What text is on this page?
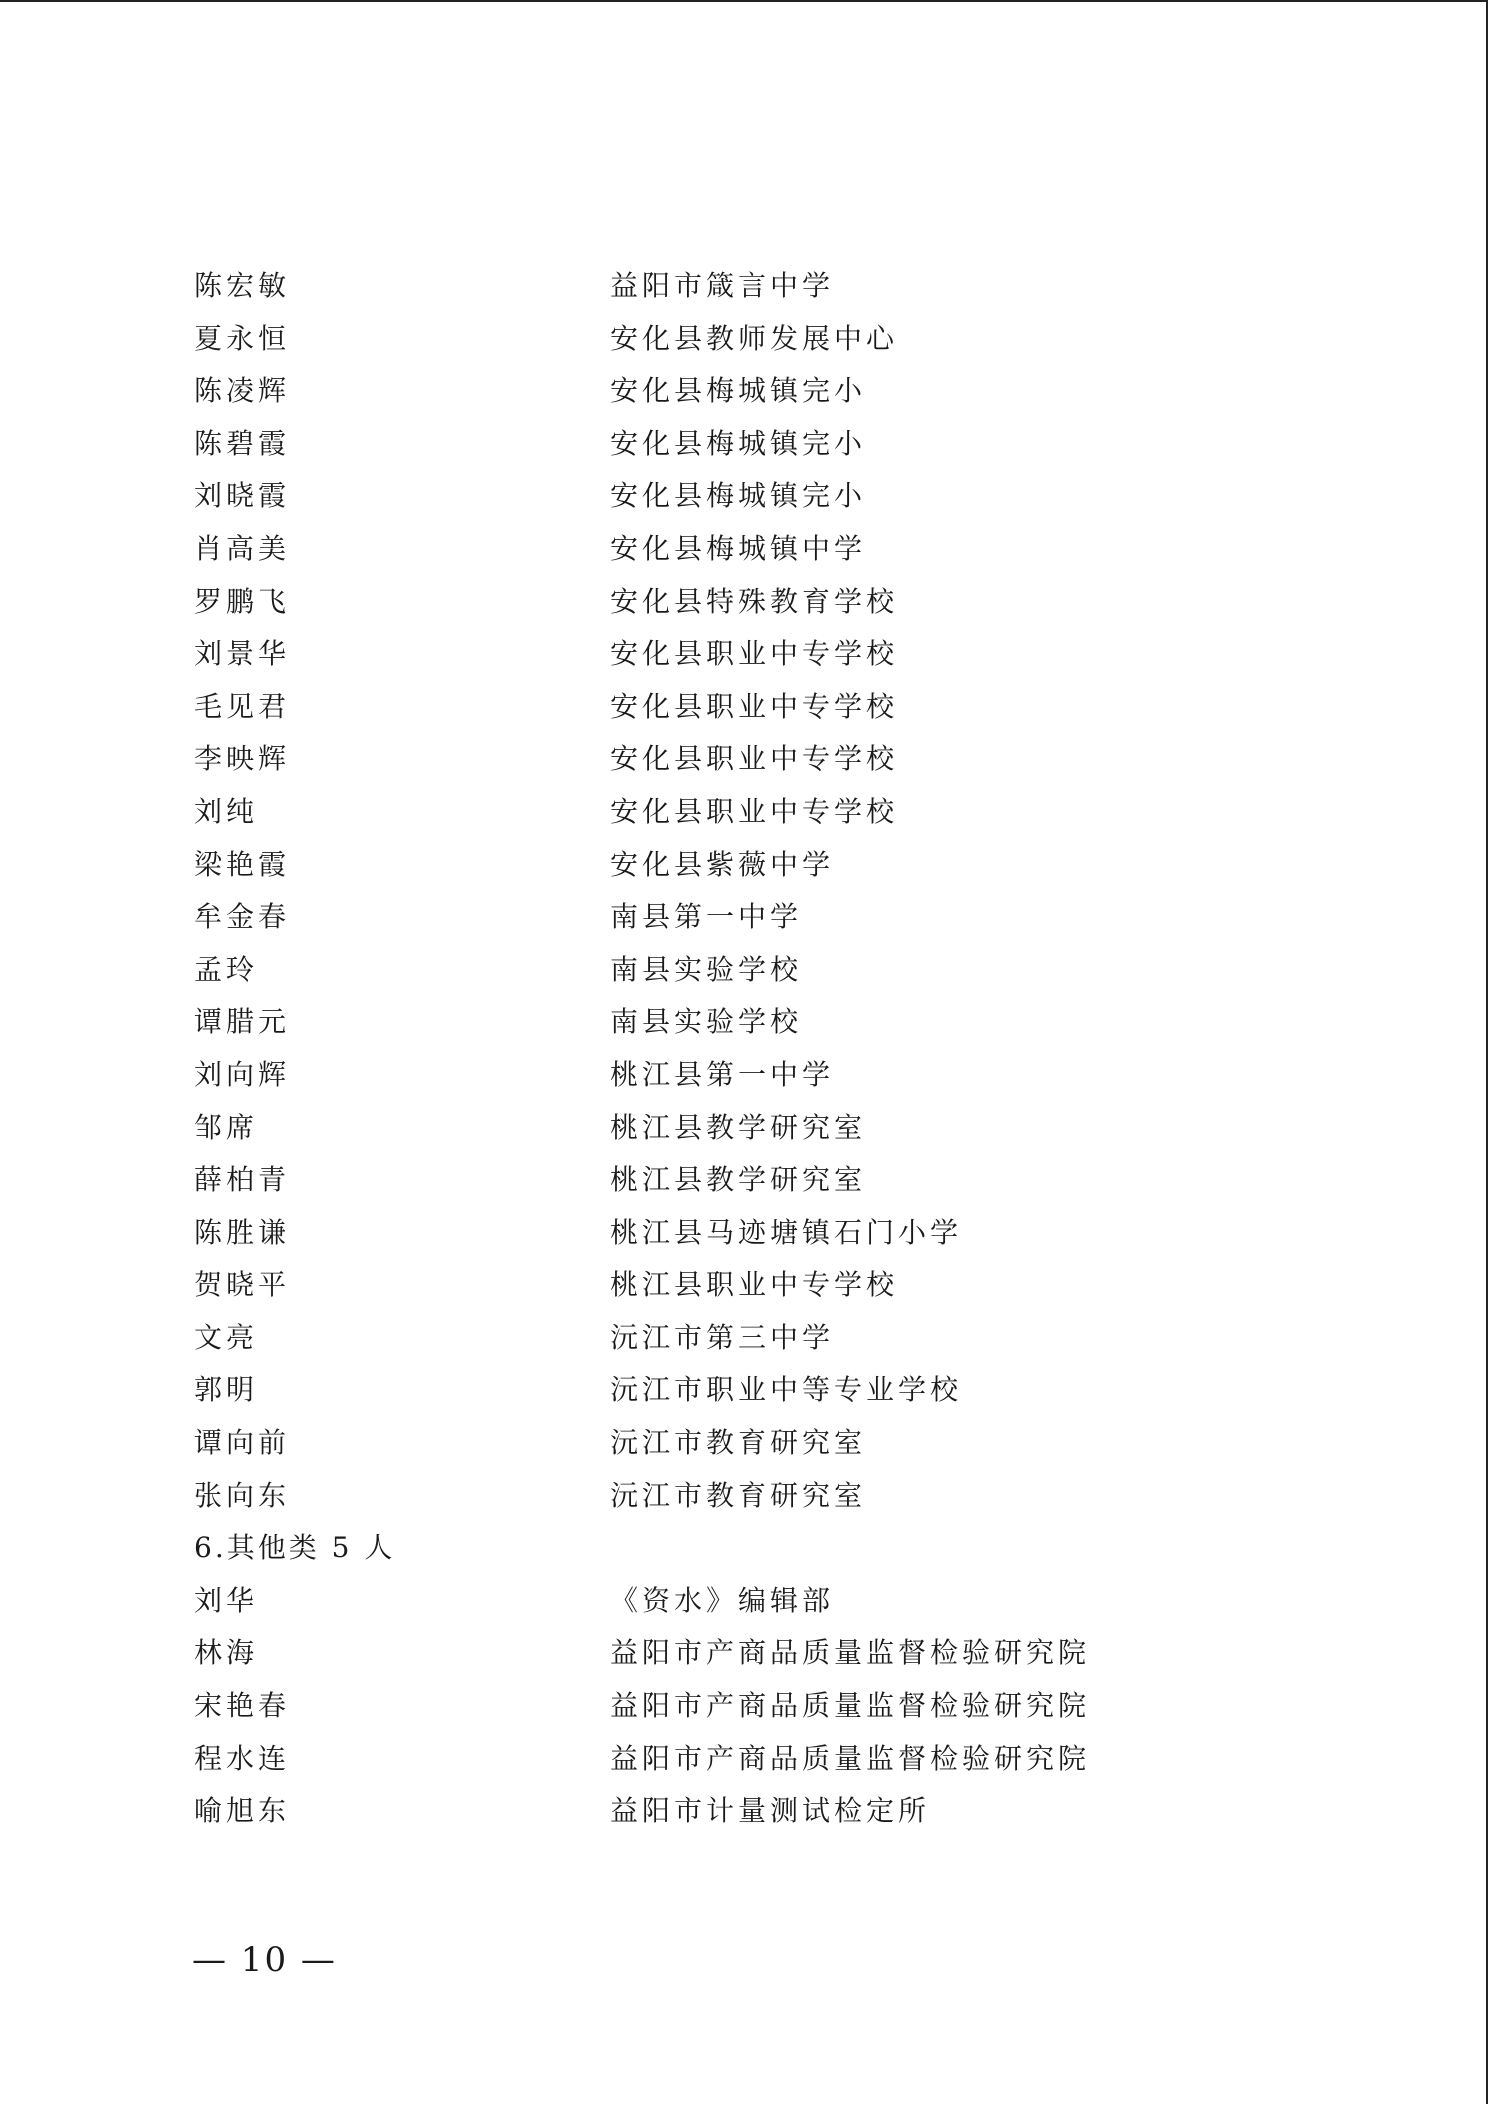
陈宏敏	益阳市箴言中学
夏永恒	安化县教师发展中心
陈凌辉	安化县梅城镇完小
陈碧霞	安化县梅城镇完小
刘晓霞	安化县梅城镇完小
肖高美	安化县梅城镇中学
罗鹏飞	安化县特殊教育学校
刘景华	安化县职业中专学校
毛见君	安化县职业中专学校
李映辉	安化县职业中专学校
刘纯	安化县职业中专学校
梁艳霞	安化县紫薇中学
牟金春	南县第一中学
孟玲	南县实验学校
谭腊元	南县实验学校
刘向辉	桃江县第一中学
邹席	桃江县教学研究室
薛柏青	桃江县教学研究室
陈胜谦	桃江县马迹塘镇石门小学
贺晓平	桃江县职业中专学校
文亮	沅江市第三中学
郭明	沅江市职业中等专业学校
谭向前	沅江市教育研究室
张向东	沅江市教育研究室
6.其他类 5 人
刘华	《资水》编辑部
林海	益阳市产商品质量监督检验研究院
宋艳春	益阳市产商品质量监督检验研究院
程水连	益阳市产商品质量监督检验研究院
喻旭东	益阳市计量测试检定所
— 10 —
